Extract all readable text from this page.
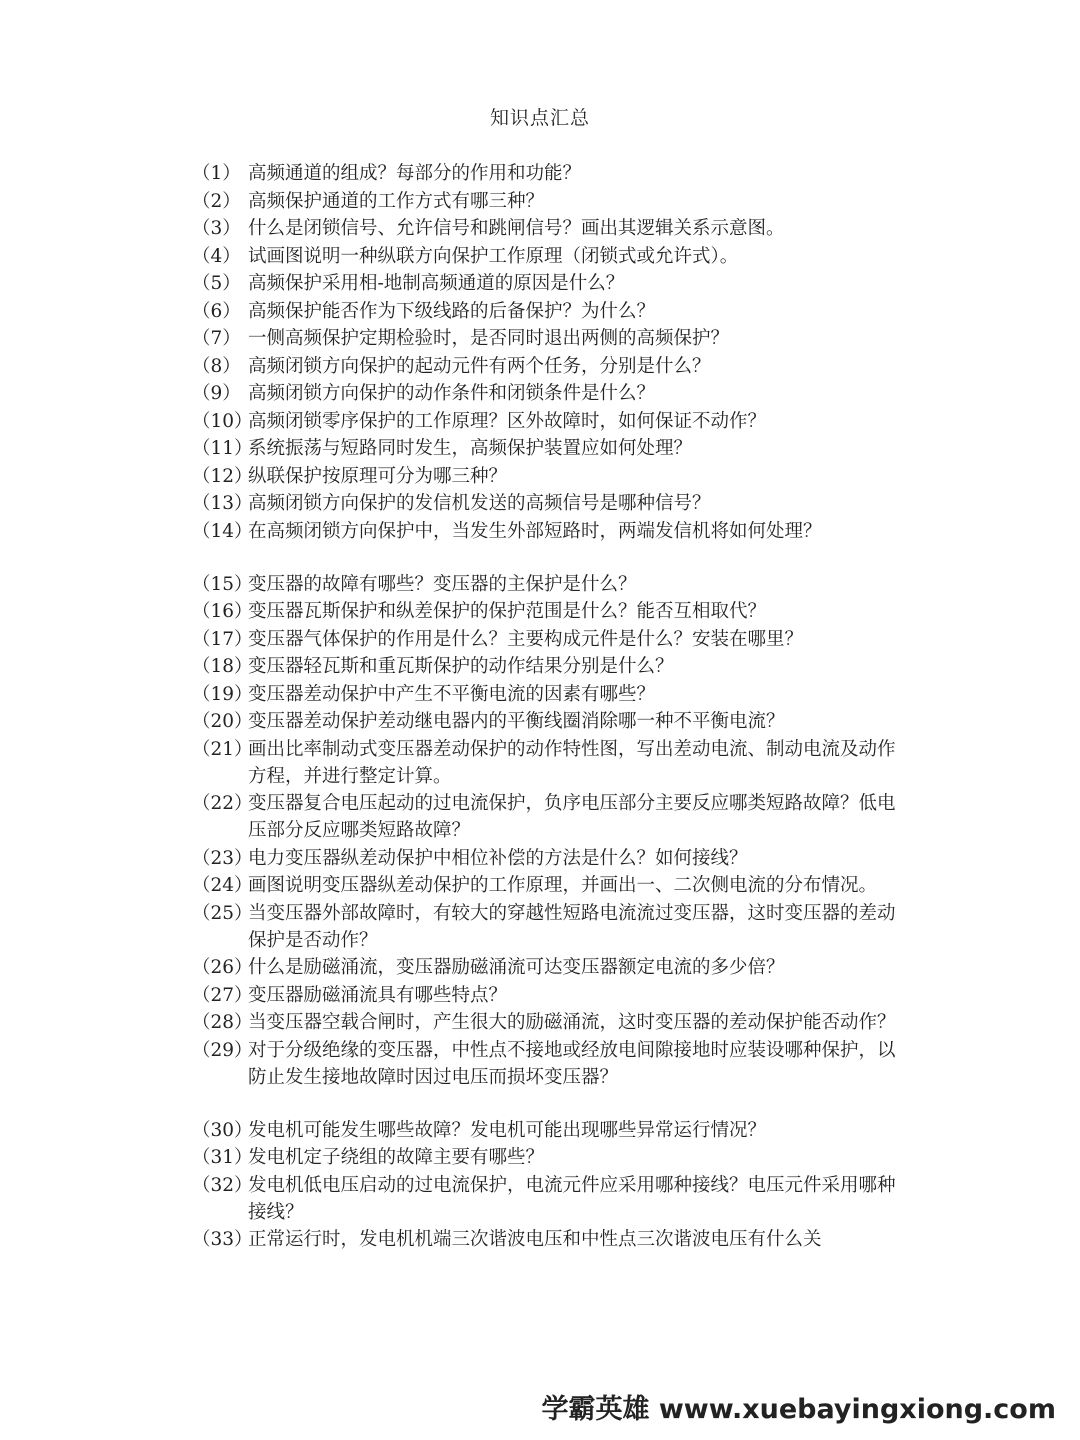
知识点汇总
（1） 高频通道的组成？每部分的作用和功能？
（2） 高频保护通道的工作方式有哪三种？
（3） 什么是闭锁信号、允许信号和跳闸信号？画出其逻辑关系示意图。
（4） 试画图说明一种纵联方向保护工作原理（闭锁式或允许式）。
（5） 高频保护采用相-地制高频通道的原因是什么？
（6） 高频保护能否作为下级线路的后备保护？为什么？
（7） 一侧高频保护定期检验时，是否同时退出两侧的高频保护？
（8） 高频闭锁方向保护的起动元件有两个任务，分别是什么？
（9） 高频闭锁方向保护的动作条件和闭锁条件是什么？
（10）
高频闭锁零序保护的工作原理？区外故障时，如何保证不动作？
（11）
系统振荡与短路同时发生，高频保护装置应如何处理？
（12）
纵联保护按原理可分为哪三种？
（13）
高频闭锁方向保护的发信机发送的高频信号是哪种信号？
（14）
在高频闭锁方向保护中，当发生外部短路时，两端发信机将如何处理？
（15）
变压器的故障有哪些？变压器的主保护是什么？
（16）
变压器瓦斯保护和纵差保护的保护范围是什么？能否互相取代？
（17）
变压器气体保护的作用是什么？主要构成元件是什么？安装在哪里？
（18）
变压器轻瓦斯和重瓦斯保护的动作结果分别是什么？
（19）
变压器差动保护中产生不平衡电流的因素有哪些？
（20）
变压器差动保护差动继电器内的平衡线圈消除哪一种不平衡电流？
（21）
画出比率制动式变压器差动保护的动作特性图，写出差动电流、制动电流及动作方程，并进行整定计算。
（22）
变压器复合电压起动的过电流保护，负序电压部分主要反应哪类短路故障？低电压部分反应哪类短路故障？
（23）
电力变压器纵差动保护中相位补偿的方法是什么？如何接线？
（24）
画图说明变压器纵差动保护的工作原理，并画出一、二次侧电流的分布情况。
（25）
当变压器外部故障时，有较大的穿越性短路电流流过变压器，这时变压器的差动保护是否动作？
（26）
什么是励磁涌流，变压器励磁涌流可达变压器额定电流的多少倍？
（27）
变压器励磁涌流具有哪些特点？
（28）
当变压器空载合闸时，产生很大的励磁涌流，这时变压器的差动保护能否动作？
（29）
对于分级绝缘的变压器，中性点不接地或经放电间隙接地时应装设哪种保护，以防止发生接地故障时因过电压而损坏变压器？
（30）
发电机可能发生哪些故障？发电机可能出现哪些异常运行情况？
（31）
发电机定子绕组的故障主要有哪些？
（32）
发电机低电压启动的过电流保护，电流元件应采用哪种接线？电压元件采用哪种接线？
（33）
正常运行时，发电机机端三次谐波电压和中性点三次谐波电压有什么关
学霸英雄 www.xuebayingxiong.com
